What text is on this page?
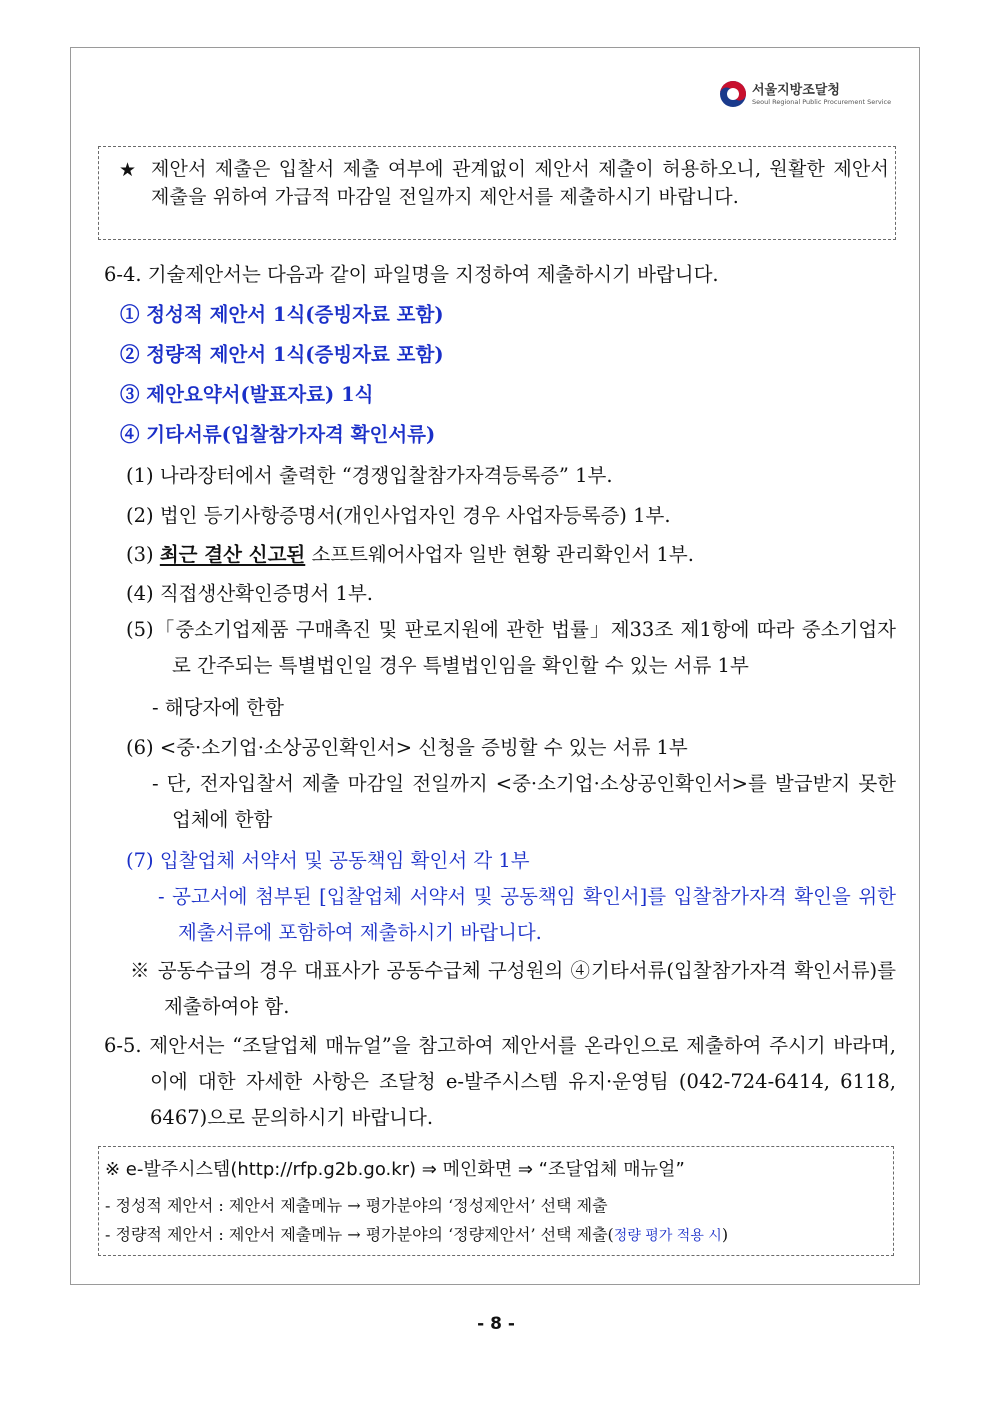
서울지방조달청
Seoul Regional Public Procurement Service
★ 제안서 제출은 입찰서 제출 여부에 관계없이 제안서 제출이 허용하오니, 원활한 제안서 제출을 위하여 가급적 마감일 전일까지 제안서를 제출하시기 바랍니다.
6-4. 기술제안서는 다음과 같이 파일명을 지정하여 제출하시기 바랍니다.
① 정성적 제안서 1식(증빙자료 포함)
② 정량적 제안서 1식(증빙자료 포함)
③ 제안요약서(발표자료) 1식
④ 기타서류(입찰참가자격 확인서류)
(1) 나라장터에서 출력한 “경쟁입찰참가자격등록증” 1부.
(2) 법인 등기사항증명서(개인사업자인 경우 사업자등록증) 1부.
(3) 최근 결산 신고된 소프트웨어사업자 일반 현황 관리확인서 1부.
(4) 직접생산확인증명서 1부.
(5)「중소기업제품 구매촉진 및 판로지원에 관한 법률」제33조 제1항에 따라 중소기업자로 간주되는 특별법인일 경우 특별법인임을 확인할 수 있는 서류 1부
- 해당자에 한함
(6) <중·소기업·소상공인확인서> 신청을 증빙할 수 있는 서류 1부
- 단, 전자입찰서 제출 마감일 전일까지 <중·소기업·소상공인확인서>를 발급받지 못한 업체에 한함
(7) 입찰업체 서약서 및 공동책임 확인서 각 1부
- 공고서에 첨부된 [입찰업체 서약서 및 공동책임 확인서]를 입찰참가자격 확인을 위한 제출서류에 포함하여 제출하시기 바랍니다.
※ 공동수급의 경우 대표사가 공동수급체 구성원의 ④기타서류(입찰참가자격 확인서류)를 제출하여야 함.
6-5. 제안서는 “조달업체 매뉴얼”을 참고하여 제안서를 온라인으로 제출하여 주시기 바라며, 이에 대한 자세한 사항은 조달청 e-발주시스템 유지·운영팀 (042-724-6414, 6118, 6467)으로 문의하시기 바랍니다.
※ e-발주시스템(http://rfp.g2b.go.kr) ⇒ 메인화면 ⇒ “조달업체 매뉴얼”
- 정성적 제안서 : 제안서 제출메뉴 → 평가분야의 ‘정성제안서’ 선택 제출
- 정량적 제안서 : 제안서 제출메뉴 → 평가분야의 ‘정량제안서’ 선택 제출(정량 평가 적용 시)
- 8 -
